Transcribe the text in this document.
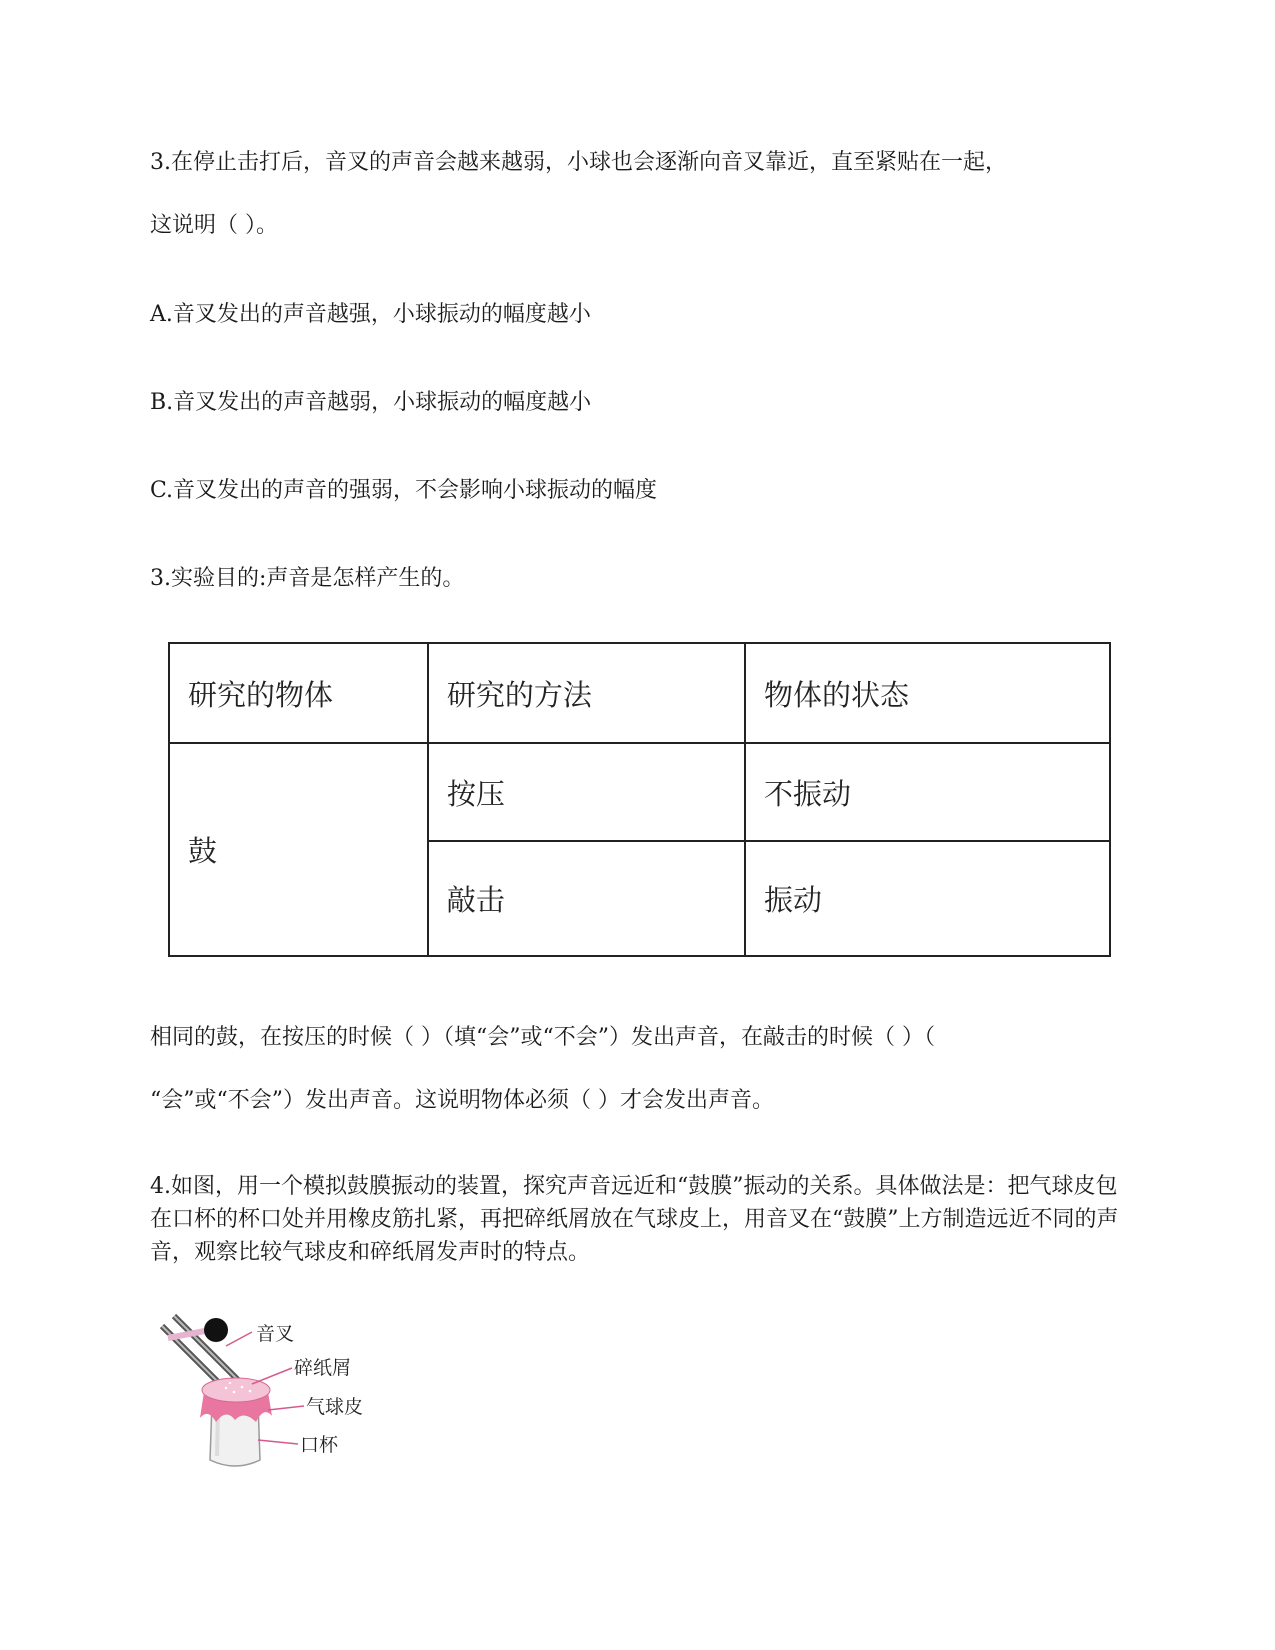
3.在停止击打后，音叉的声音会越来越弱，小球也会逐渐向音叉靠近，直至紧贴在一起，
这说明（ ）。
A.音叉发出的声音越强，小球振动的幅度越小
B.音叉发出的声音越弱，小球振动的幅度越小
C.音叉发出的声音的强弱，不会影响小球振动的幅度
3.实验目的:声音是怎样产生的。
研究的物体	研究的方法	物体的状态
鼓	按压	不振动
	敲击	振动
相同的鼓，在按压的时候（ ）（填“会”或“不会”）发出声音，在敲击的时候（ ）（
“会”或“不会”）发出声音。这说明物体必须（ ）才会发出声音。
4.如图，用一个模拟鼓膜振动的装置，探究声音远近和“鼓膜”振动的关系。具体做法是：把气球皮包在口杯的杯口处并用橡皮筋扎紧，再把碎纸屑放在气球皮上，用音叉在“鼓膜”上方制造远近不同的声音，观察比较气球皮和碎纸屑发声时的特点。
音叉
碎纸屑
气球皮
口杯
